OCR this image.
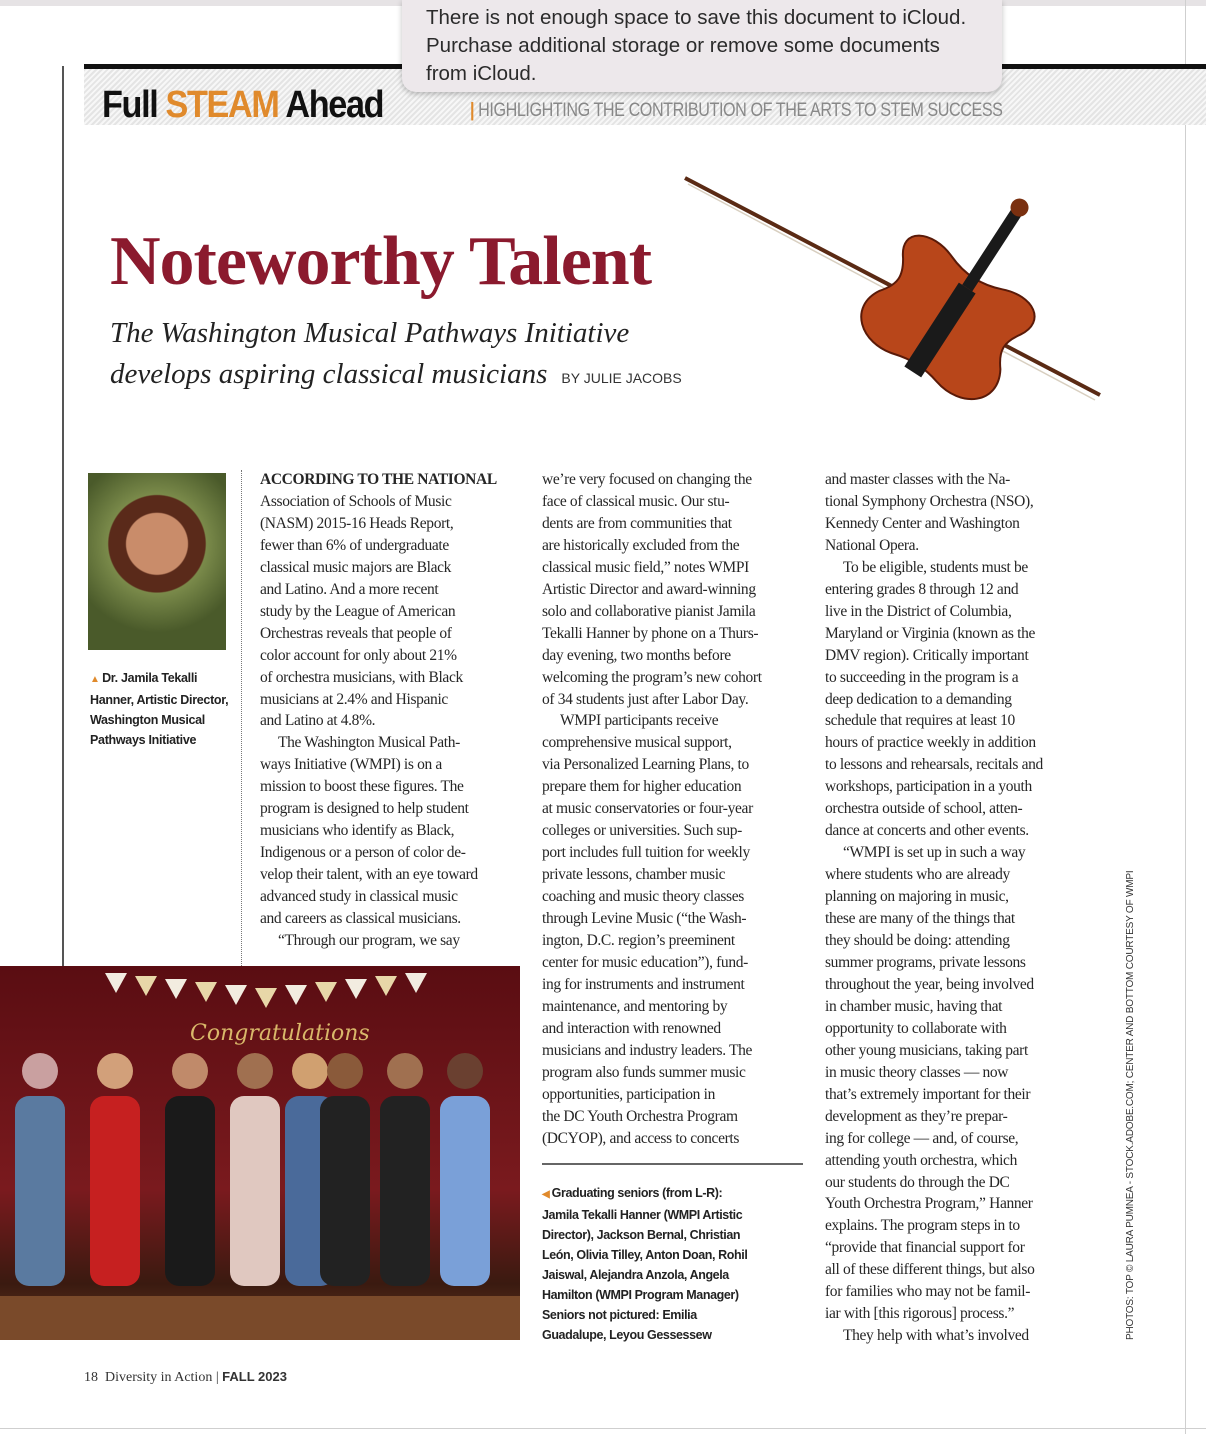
Full STEAM Ahead	| HIGHLIGHTING THE CONTRIBUTION OF THE ARTS TO STEM SUCCESS
Noteworthy Talent
The Washington Musical Pathways Initiative
develops aspiring classical musicians BY JULIE JACOBS
▲ Dr. Jamila Tekalli Hanner, Artistic Director, Washington Musical Pathways Initiative
ACCORDING TO THE NATIONAL
Association of Schools of Music
(NASM) 2015-16 Heads Report,
fewer than 6% of undergraduate
classical music majors are Black
and Latino. And a more recent
study by the League of American
Orchestras reveals that people of
color account for only about 21%
of orchestra musicians, with Black
musicians at 2.4% and Hispanic
and Latino at 4.8%.
The Washington Musical Path-
ways Initiative (WMPI) is on a
mission to boost these figures. The
program is designed to help student
musicians who identify as Black,
Indigenous or a person of color de-
velop their talent, with an eye toward
advanced study in classical music
and careers as classical musicians.
“Through our program, we say
we’re very focused on changing the
face of classical music. Our stu-
dents are from communities that
are historically excluded from the
classical music field,” notes WMPI
Artistic Director and award-winning
solo and collaborative pianist Jamila
Tekalli Hanner by phone on a Thurs-
day evening, two months before
welcoming the program’s new cohort
of 34 students just after Labor Day.
WMPI participants receive
comprehensive musical support,
via Personalized Learning Plans, to
prepare them for higher education
at music conservatories or four-year
colleges or universities. Such sup-
port includes full tuition for weekly
private lessons, chamber music
coaching and music theory classes
through Levine Music (“the Wash-
ington, D.C. region’s preeminent
center for music education”), fund-
ing for instruments and instrument
maintenance, and mentoring by
and interaction with renowned
musicians and industry leaders. The
program also funds summer music
opportunities, participation in
the DC Youth Orchestra Program
(DCYOP), and access to concerts
and master classes with the Na-
tional Symphony Orchestra (NSO),
Kennedy Center and Washington
National Opera.
To be eligible, students must be
entering grades 8 through 12 and
live in the District of Columbia,
Maryland or Virginia (known as the
DMV region). Critically important
to succeeding in the program is a
deep dedication to a demanding
schedule that requires at least 10
hours of practice weekly in addition
to lessons and rehearsals, recitals and
workshops, participation in a youth
orchestra outside of school, atten-
dance at concerts and other events.
“WMPI is set up in such a way
where students who are already
planning on majoring in music,
these are many of the things that
they should be doing: attending
summer programs, private lessons
throughout the year, being involved
in chamber music, having that
opportunity to collaborate with
other young musicians, taking part
in music theory classes — now
that’s extremely important for their
development as they’re prepar-
ing for college — and, of course,
attending youth orchestra, which
our students do through the DC
Youth Orchestra Program,” Hanner
explains. The program steps in to
“provide that financial support for
all of these different things, but also
for families who may not be famil-
iar with [this rigorous] process.”
They help with what’s involved
Congratulations
◀ Graduating seniors (from L-R):
Jamila Tekalli Hanner (WMPI Artistic
Director), Jackson Bernal, Christian
León, Olivia Tilley, Anton Doan, Rohil
Jaiswal, Alejandra Anzola, Angela
Hamilton (WMPI Program Manager)
Seniors not pictured: Emilia
Guadalupe, Leyou Gessessew	PHOTOS: TOP © LAURA PUMNEA - STOCK.ADOBE.COM; CENTER AND BOTTOM COURTESY OF WMPI
18 Diversity in Action | FALL 2023
There is not enough space to save this document to iCloud. Purchase additional storage or remove some documents from iCloud.
